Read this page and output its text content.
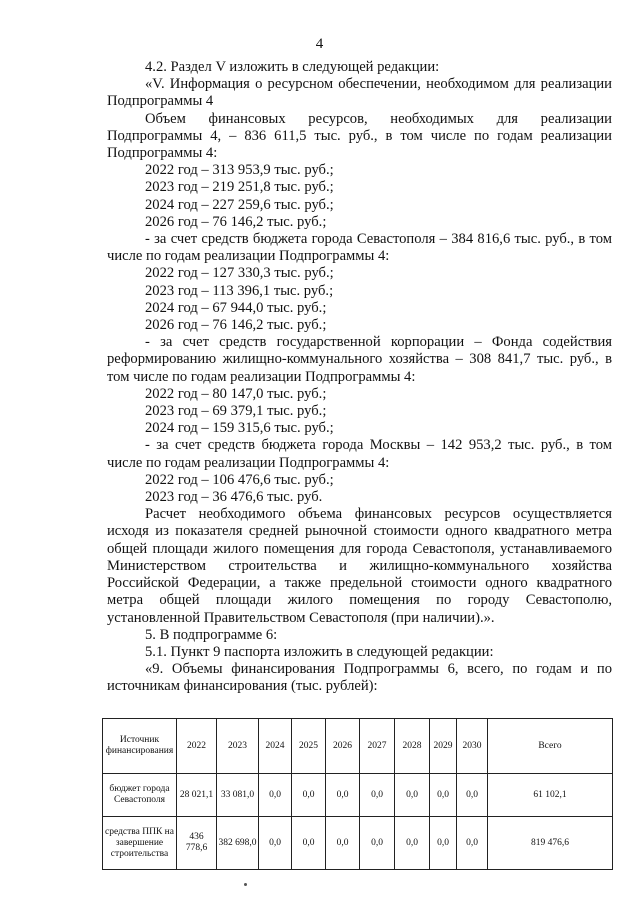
4

4.2. Раздел V изложить в следующей редакции:

«V. Информация о ресурсном обеспечении, необходимом для реализации Подпрограммы 4

Объем финансовых ресурсов, необходимых для реализации Подпрограммы 4, – 836 611,5 тыс. руб., в том числе по годам реализации Подпрограммы 4:

2022 год – 313 953,9 тыс. руб.;

2023 год – 219 251,8 тыс. руб.;

2024 год – 227 259,6 тыс. руб.;

2026 год – 76 146,2 тыс. руб.;

- за счет средств бюджета города Севастополя – 384 816,6 тыс. руб., в том числе по годам реализации Подпрограммы 4:

2022 год – 127 330,3 тыс. руб.;

2023 год – 113 396,1 тыс. руб.;

2024 год – 67 944,0 тыс. руб.;

2026 год – 76 146,2 тыс. руб.;

- за счет средств государственной корпорации – Фонда содействия реформированию жилищно-коммунального хозяйства – 308 841,7 тыс. руб., в том числе по годам реализации Подпрограммы 4:

2022 год – 80 147,0 тыс. руб.;

2023 год – 69 379,1 тыс. руб.;

2024 год – 159 315,6 тыс. руб.;

- за счет средств бюджета города Москвы – 142 953,2 тыс. руб., в том числе по годам реализации Подпрограммы 4:

2022 год – 106 476,6 тыс. руб.;

2023 год – 36 476,6 тыс. руб.

Расчет необходимого объема финансовых ресурсов осуществляется исходя из показателя средней рыночной стоимости одного квадратного метра общей площади жилого помещения для города Севастополя, устанавливаемого Министерством строительства и жилищно-коммунального хозяйства Российской Федерации, а также предельной стоимости одного квадратного метра общей площади жилого помещения по городу Севастополю, установленной Правительством Севастополя (при наличии).».

5. В подпрограмме 6:

5.1. Пункт 9 паспорта изложить в следующей редакции:

«9. Объемы финансирования Подпрограммы 6, всего, по годам и по источникам финансирования (тыс. рублей):

Источник финансирования	2022	2023	2024	2025	2026	2027	2028	2029	2030	Всего
бюджет города Севастополя	28 021,1	33 081,0	0,0	0,0	0,0	0,0	0,0	0,0	0,0	61 102,1
средства ППК на завершение строительства	436 778,6	382 698,0	0,0	0,0	0,0	0,0	0,0	0,0	0,0	819 476,6
